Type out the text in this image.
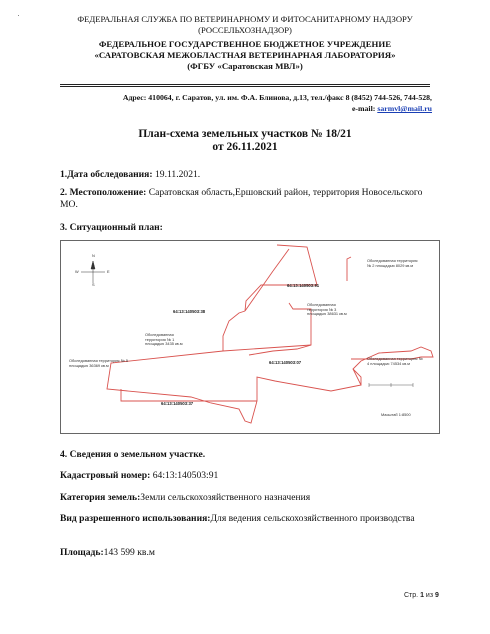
ФЕДЕРАЛЬНАЯ СЛУЖБА ПО ВЕТЕРИНАРНОМУ И ФИТОСАНИТАРНОМУ НАДЗОРУ
(РОССЕЛЬХОЗНАДЗОР)
ФЕДЕРАЛЬНОЕ ГОСУДАРСТВЕННОЕ БЮДЖЕТНОЕ УЧРЕЖДЕНИЕ
«САРАТОВСКАЯ МЕЖОБЛАСТНАЯ ВЕТЕРИНАРНАЯ ЛАБОРАТОРИЯ»
(ФГБУ «Саратовская МВЛ»)
Адрес: 410064, г. Саратов, ул. им. Ф.А. Блинова, д.13, тел./факс 8 (8452) 744-526, 744-528,
e-mail: sarmvl@mail.ru
План-схема земельных участков № 18/21
от 26.11.2021
1.Дата обследования: 19.11.2021.
2. Местоположение: Саратовская область,Ершовский район, территория Новосельского МО.
3. Ситуационный план:
N
S
W	E
64:13:140503:91
64:13:140503:38
64:13:140503:07
64:13:140503:37
Обследованная территория № 2 площадью 8029 кв.м
Обследованная территория № 3 площадью 38631 кв.м
Обследованная территория № 1 площадью 3435 кв.м
Обследованная территория № 5 площадью 36369 кв.м
Обследованная территория № 4 площадью 74534 кв.м
Масштаб 1:8500
4. Сведения о земельном участке.
Кадастровый номер: 64:13:140503:91
Категория земель:Земли сельскохозяйственного назначения
Вид разрешенного использования:Для ведения сельскохозяйственного производства
Площадь:143 599 кв.м
Стр. 1 из 9
